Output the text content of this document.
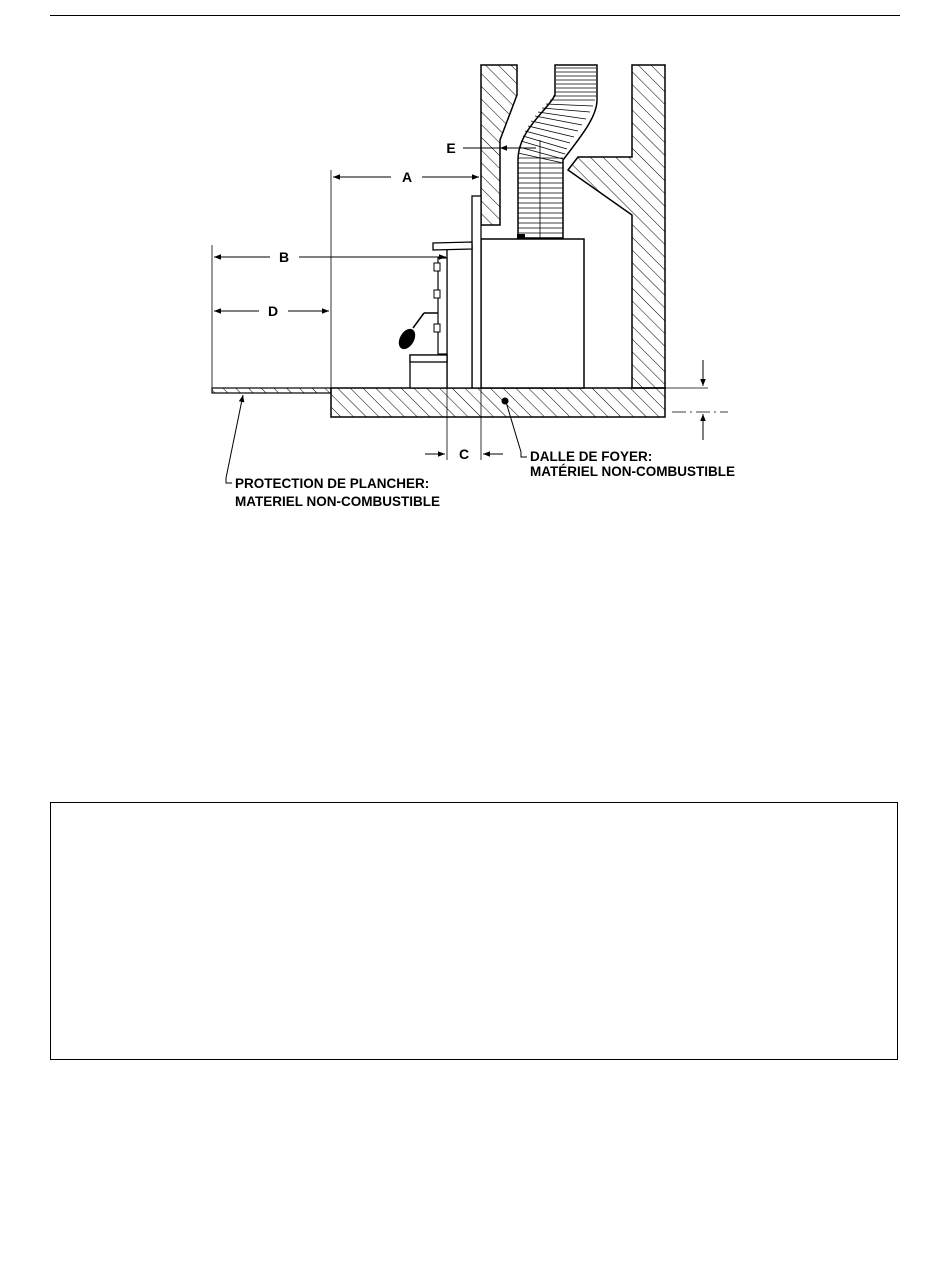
A
B
D
E
C
PROTECTION DE PLANCHER:
MATERIEL NON-COMBUSTIBLE
DALLE DE FOYER:
MATÉRIEL NON-COMBUSTIBLE
